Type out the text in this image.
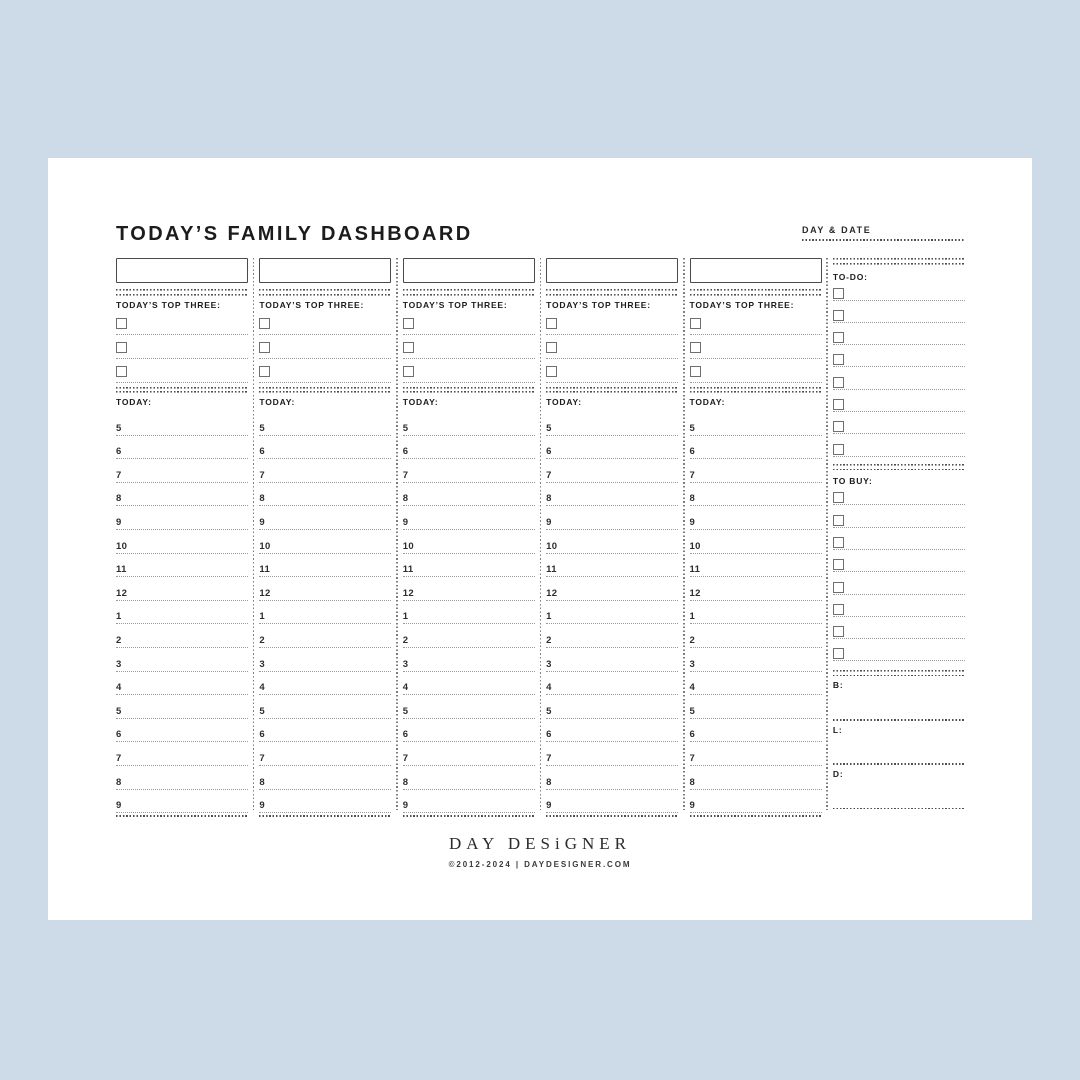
TODAY’S FAMILY DASHBOARD	DAY & DATE
TODAY’S TOP THREE:
TODAY:
5
6
7
8
9
10
11
12
1
2
3
4
5
6
7
8
9
TODAY’S TOP THREE:
TODAY:
5
6
7
8
9
10
11
12
1
2
3
4
5
6
7
8
9
TODAY’S TOP THREE:
TODAY:
5
6
7
8
9
10
11
12
1
2
3
4
5
6
7
8
9
TODAY’S TOP THREE:
TODAY:
5
6
7
8
9
10
11
12
1
2
3
4
5
6
7
8
9
TODAY’S TOP THREE:
TODAY:
5
6
7
8
9
10
11
12
1
2
3
4
5
6
7
8
9
TO-DO:
TO BUY:
B:
L:
D:
DAY DESiGNER
©2012-2024 | DAYDESIGNER.COM
